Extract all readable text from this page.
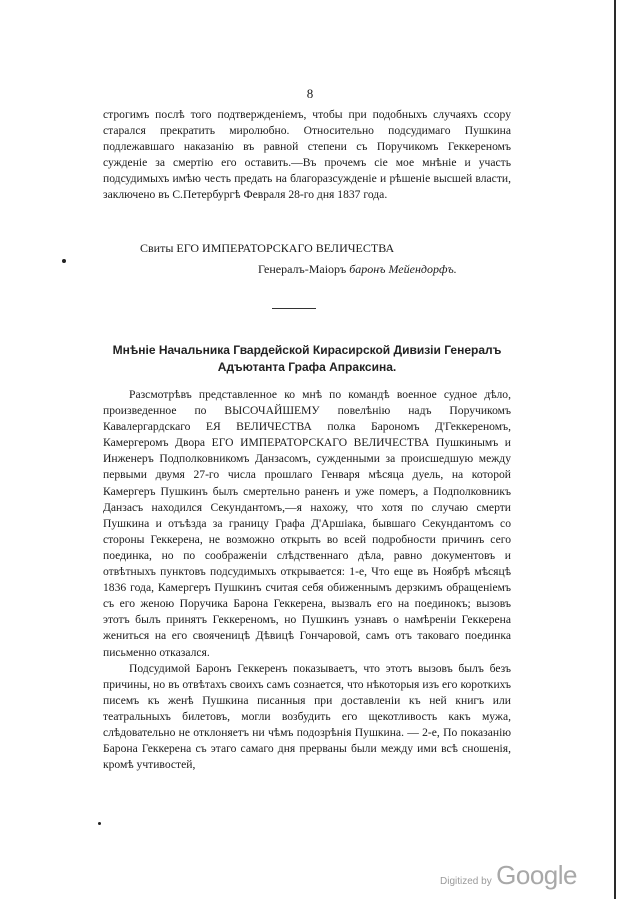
8

строгимъ послѣ того подтвержденіемъ, чтобы при подобныхъ случаяхъ ссору старался прекратить миролюбно. Относительно подсудимаго Пушкина подлежавшаго наказанію въ равной степени съ Поручикомъ Геккереномъ сужденіе за смертію его оставить.—Въ прочемъ сіе мое мнѣніе и участь подсудимыхъ имѣю честь предать на благоразсужденіе и рѣшеніе высшей власти, заключено въ С.Петербургѣ Февраля 28-го дня 1837 года.

Свиты ЕГО ИМПЕРАТОРСКАГО ВЕЛИЧЕСТВА
Генералъ-Маіоръ баронъ Мейендорфъ.
Мнѣніе Начальника Гвардейской Кирасирской Дивизіи Генералъ
Адъютанта Графа Апраксина.

Разсмотрѣвъ представленное ко мнѣ по командѣ военное судное дѣло, произведенное по ВЫСОЧАЙШЕМУ повелѣнію надъ Поручикомъ Кавалергардскаго ЕЯ ВЕЛИЧЕСТВА полка Барономъ Д'Геккереномъ, Камергеромъ Двора ЕГО ИМПЕРАТОРСКАГО ВЕЛИЧЕСТВА Пушкинымъ и Инженеръ Подполковникомъ Данзасомъ, сужденными за происшедшую между первыми двумя 27-го числа прошлаго Генваря мѣсяца дуель, на которой Камергеръ Пушкинъ былъ смертельно раненъ и уже померъ, а Подполковникъ Данзасъ находился Секундантомъ,—я нахожу, что хотя по случаю смерти Пушкина и отъѣзда за границу Графа Д'Аршіака, бывшаго Секундантомъ со стороны Геккерена, не возможно открыть во всей подробности причинъ сего поединка, но по соображеніи слѣдственнаго дѣла, равно документовъ и отвѣтныхъ пунктовъ подсудимыхъ открывается: 1-е, Что еще въ Ноябрѣ мѣсяцѣ 1836 года, Камергеръ Пушкинъ считая себя обиженнымъ дерзкимъ обращеніемъ съ его женою Поручика Барона Геккерена, вызвалъ его на поединокъ; вызовъ этотъ былъ принятъ Геккереномъ, но Пушкинъ узнавъ о намѣреніи Геккерена жениться на его свояченицѣ Дѣвицѣ Гончаровой, самъ отъ таковаго поединка письменно отказался.

Подсудимой Баронъ Геккеренъ показываетъ, что этотъ вызовъ былъ безъ причины, но въ отвѣтахъ своихъ самъ сознается, что нѣкоторыя изъ его короткихъ писемъ къ женѣ Пушкина писанныя при доставленіи къ ней книгъ или театральныхъ билетовъ, могли возбудить его щекотливость какъ мужа, слѣдовательно не отклоняетъ ни чѣмъ подозрѣнія Пушкина. — 2-е, По показанію Барона Геккерена съ этаго самаго дня прерваны были между ими всѣ сношенія, кромѣ учтивостей,

Digitized by Google
